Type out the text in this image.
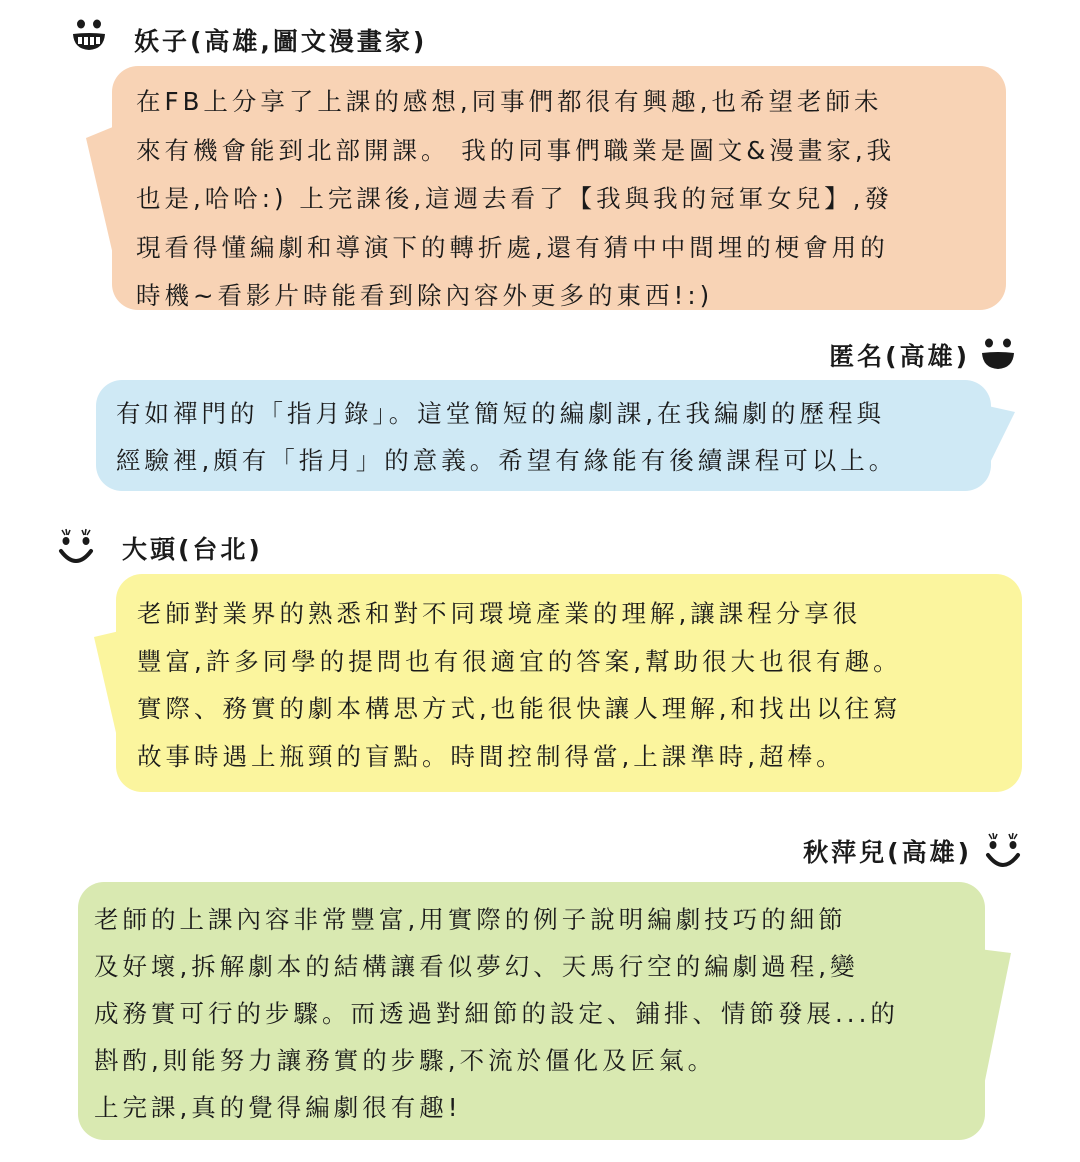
妖子(高雄,圖文漫畫家)

在FB上分享了上課的感想,同事們都很有興趣,也希望老師未
來有機會能到北部開課。 我的同事們職業是圖文&漫畫家,我
也是,哈哈:) 上完課後,這週去看了【我與我的冠軍女兒】,發
現看得懂編劇和導演下的轉折處,還有猜中中間埋的梗會用的
時機~看影片時能看到除內容外更多的東西!:)

匿名(高雄)

有如禪門的「指月錄」。這堂簡短的編劇課,在我編劇的歷程與
經驗裡,頗有「指月」的意義。希望有緣能有後續課程可以上。

大頭(台北)

老師對業界的熟悉和對不同環境產業的理解,讓課程分享很
豐富,許多同學的提問也有很適宜的答案,幫助很大也很有趣。
實際、務實的劇本構思方式,也能很快讓人理解,和找出以往寫
故事時遇上瓶頸的盲點。時間控制得當,上課準時,超棒。

秋萍兒(高雄)

老師的上課內容非常豐富,用實際的例子說明編劇技巧的細節
及好壞,拆解劇本的結構讓看似夢幻、天馬行空的編劇過程,變
成務實可行的步驟。而透過對細節的設定、鋪排、情節發展...的
斟酌,則能努力讓務實的步驟,不流於僵化及匠氣。
上完課,真的覺得編劇很有趣!
